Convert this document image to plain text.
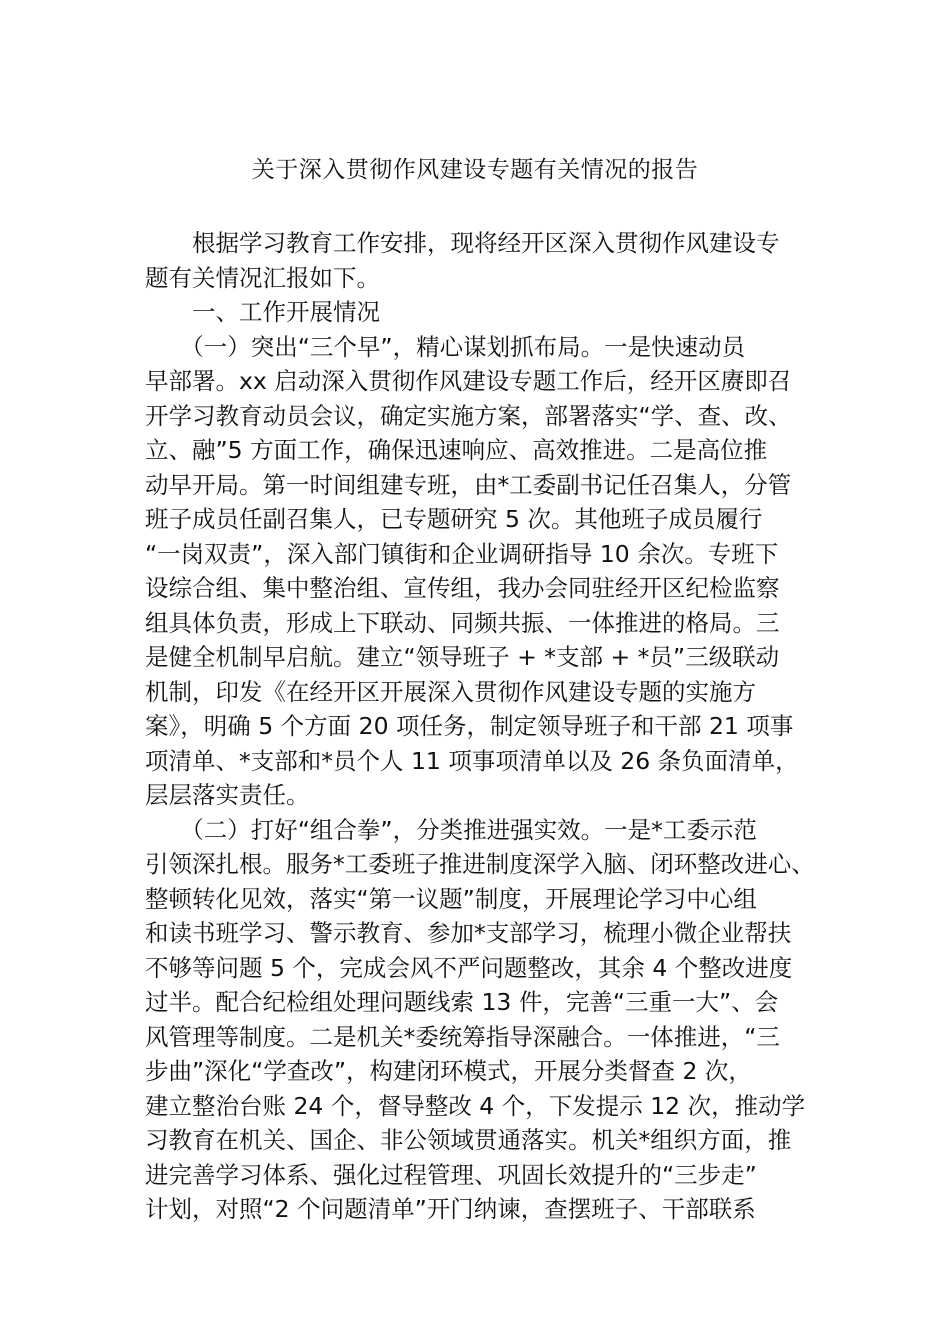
关于深入贯彻作风建设专题有关情况的报告
　　根据学习教育工作安排，现将经开区深入贯彻作风建设专
题有关情况汇报如下。
　　一、工作开展情况
　　（一）突出“三个早”，精心谋划抓布局。一是快速动员
早部署。xx 启动深入贯彻作风建设专题工作后，经开区赓即召
开学习教育动员会议，确定实施方案，部署落实“学、查、改、
立、融”5 方面工作，确保迅速响应、高效推进。二是高位推
动早开局。第一时间组建专班，由*工委副书记任召集人，分管
班子成员任副召集人，已专题研究 5 次。其他班子成员履行
“一岗双责”，深入部门镇街和企业调研指导 10 余次。专班下
设综合组、集中整治组、宣传组，我办会同驻经开区纪检监察
组具体负责，形成上下联动、同频共振、一体推进的格局。三
是健全机制早启航。建立“领导班子 + *支部 + *员”三级联动
机制，印发《在经开区开展深入贯彻作风建设专题的实施方
案》，明确 5 个方面 20 项任务，制定领导班子和干部 21 项事
项清单、*支部和*员个人 11 项事项清单以及 26 条负面清单，
层层落实责任。
　　（二）打好“组合拳”，分类推进强实效。一是*工委示范
引领深扎根。服务*工委班子推进制度深学入脑、闭环整改进心、
整顿转化见效，落实“第一议题”制度，开展理论学习中心组
和读书班学习、警示教育、参加*支部学习，梳理小微企业帮扶
不够等问题 5 个，完成会风不严问题整改，其余 4 个整改进度
过半。配合纪检组处理问题线索 13 件，完善“三重一大”、会
风管理等制度。二是机关*委统筹指导深融合。一体推进，“三
步曲”深化“学查改”，构建闭环模式，开展分类督查 2 次，
建立整治台账 24 个，督导整改 4 个，下发提示 12 次，推动学
习教育在机关、国企、非公领域贯通落实。机关*组织方面，推
进完善学习体系、强化过程管理、巩固长效提升的“三步走”
计划，对照“2 个问题清单”开门纳谏，查摆班子、干部联系
